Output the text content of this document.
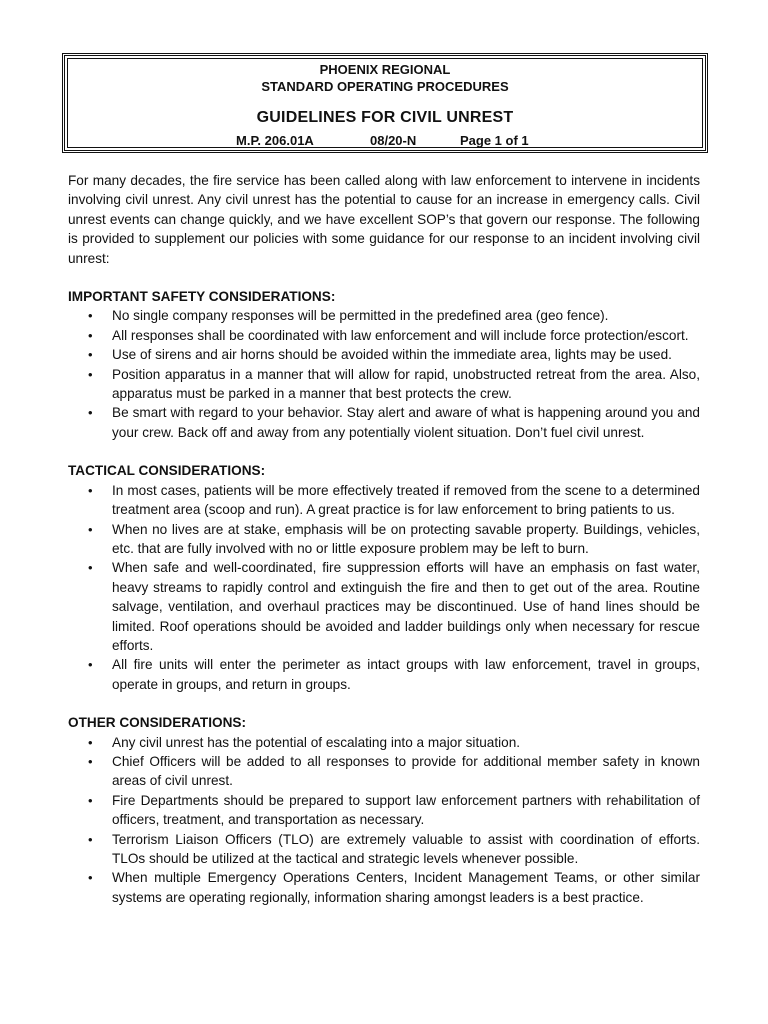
PHOENIX REGIONAL
STANDARD OPERATING PROCEDURES
GUIDELINES FOR CIVIL UNREST
M.P. 206.01A	08/20-N	Page 1 of 1

For many decades, the fire service has been called along with law enforcement to intervene in incidents involving civil unrest. Any civil unrest has the potential to cause for an increase in emergency calls. Civil unrest events can change quickly, and we have excellent SOP’s that govern our response. The following is provided to supplement our policies with some guidance for our response to an incident involving civil unrest:

IMPORTANT SAFETY CONSIDERATIONS:
• No single company responses will be permitted in the predefined area (geo fence).
• All responses shall be coordinated with law enforcement and will include force protection/escort.
• Use of sirens and air horns should be avoided within the immediate area, lights may be used.
• Position apparatus in a manner that will allow for rapid, unobstructed retreat from the area. Also, apparatus must be parked in a manner that best protects the crew.
• Be smart with regard to your behavior. Stay alert and aware of what is happening around you and your crew. Back off and away from any potentially violent situation. Don’t fuel civil unrest.
TACTICAL CONSIDERATIONS:
• In most cases, patients will be more effectively treated if removed from the scene to a determined treatment area (scoop and run). A great practice is for law enforcement to bring patients to us.
• When no lives are at stake, emphasis will be on protecting savable property. Buildings, vehicles, etc. that are fully involved with no or little exposure problem may be left to burn.
• When safe and well-coordinated, fire suppression efforts will have an emphasis on fast water, heavy streams to rapidly control and extinguish the fire and then to get out of the area. Routine salvage, ventilation, and overhaul practices may be discontinued. Use of hand lines should be limited. Roof operations should be avoided and ladder buildings only when necessary for rescue efforts.
• All fire units will enter the perimeter as intact groups with law enforcement, travel in groups, operate in groups, and return in groups.
OTHER CONSIDERATIONS:
• Any civil unrest has the potential of escalating into a major situation.
• Chief Officers will be added to all responses to provide for additional member safety in known areas of civil unrest.
• Fire Departments should be prepared to support law enforcement partners with rehabilitation of officers, treatment, and transportation as necessary.
• Terrorism Liaison Officers (TLO) are extremely valuable to assist with coordination of efforts. TLOs should be utilized at the tactical and strategic levels whenever possible.
• When multiple Emergency Operations Centers, Incident Management Teams, or other similar systems are operating regionally, information sharing amongst leaders is a best practice.
